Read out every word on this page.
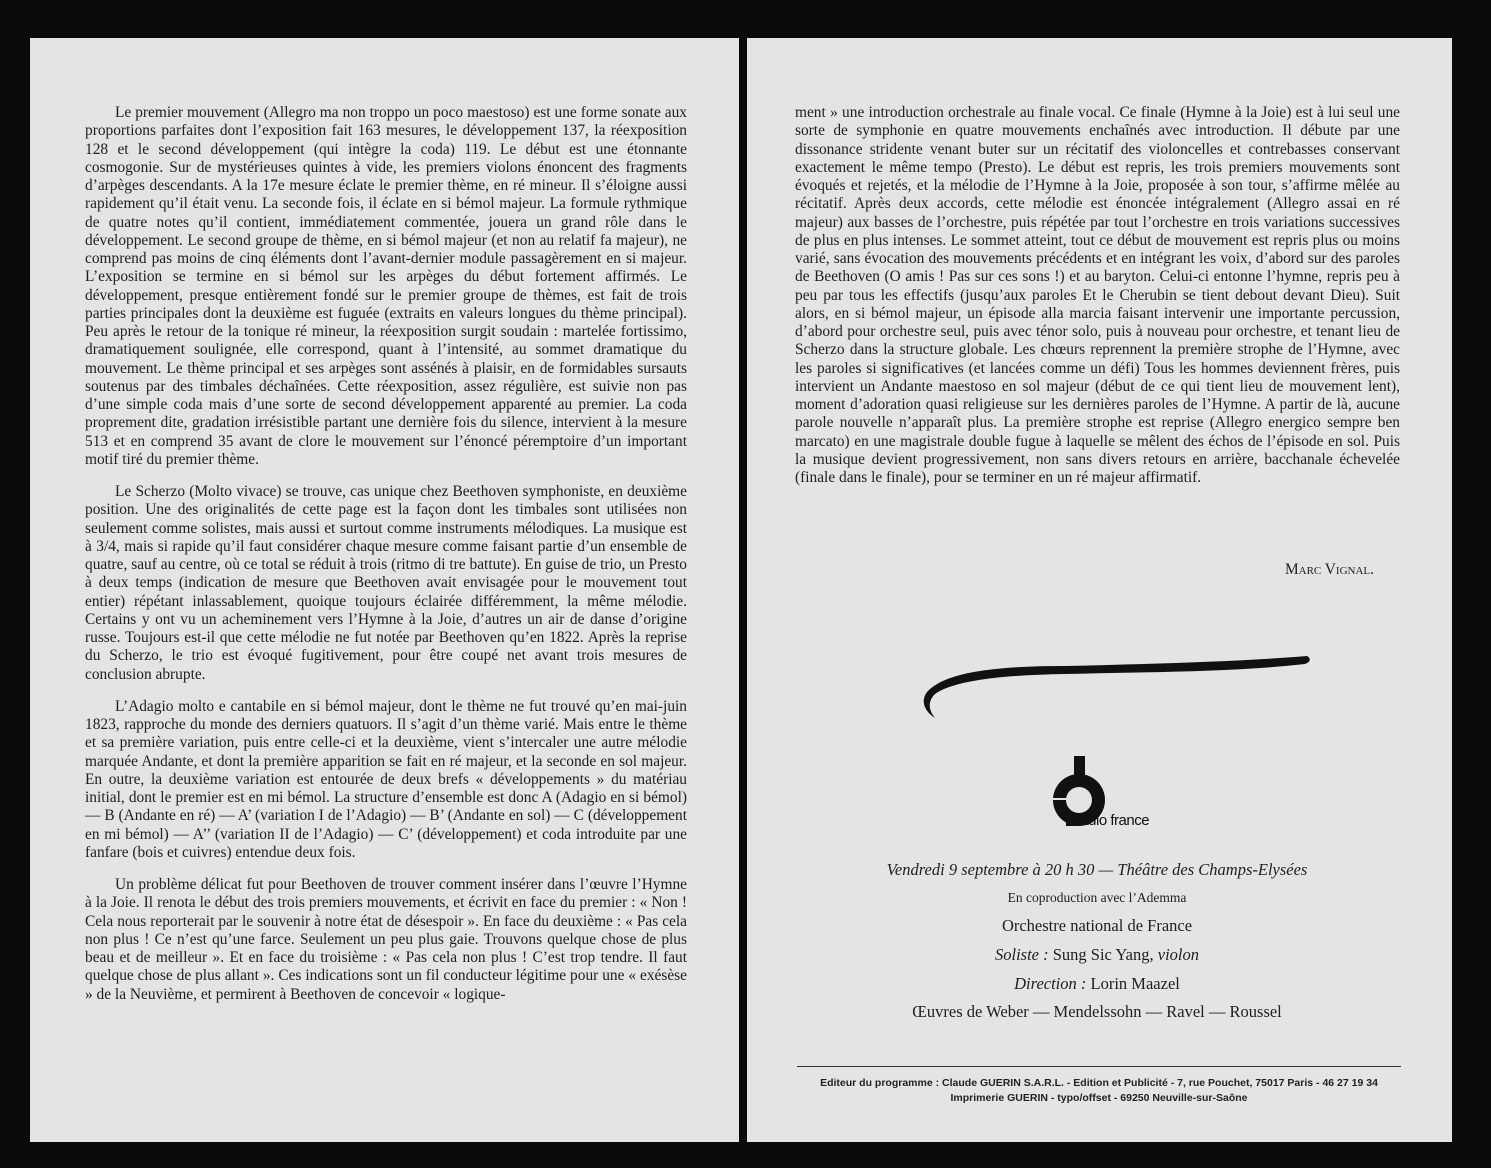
Le premier mouvement (Allegro ma non troppo un poco maestoso) est une forme sonate aux proportions parfaites dont l’exposition fait 163 mesures, le développement 137, la réexposition 128 et le second développement (qui intègre la coda) 119. Le début est une étonnante cosmogonie. Sur de mystérieuses quintes à vide, les premiers violons énoncent des fragments d’arpèges descendants. A la 17e mesure éclate le premier thème, en ré mineur. Il s’éloigne aussi rapidement qu’il était venu. La seconde fois, il éclate en si bémol majeur. La formule rythmique de quatre notes qu’il contient, immédiatement commentée, jouera un grand rôle dans le développement. Le second groupe de thème, en si bémol majeur (et non au relatif fa majeur), ne comprend pas moins de cinq éléments dont l’avant-dernier module passagèrement en si majeur. L’exposition se termine en si bémol sur les arpèges du début fortement affirmés. Le développement, presque entièrement fondé sur le premier groupe de thèmes, est fait de trois parties principales dont la deuxième est fuguée (extraits en valeurs longues du thème principal). Peu après le retour de la tonique ré mineur, la réexposition surgit soudain : martelée fortissimo, dramatiquement soulignée, elle correspond, quant à l’intensité, au sommet dramatique du mouvement. Le thème principal et ses arpèges sont assénés à plaisir, en de formidables sursauts soutenus par des timbales déchaînées. Cette réexposition, assez régulière, est suivie non pas d’une simple coda mais d’une sorte de second développement apparenté au premier. La coda proprement dite, gradation irrésistible partant une dernière fois du silence, intervient à la mesure 513 et en comprend 35 avant de clore le mouvement sur l’énoncé péremptoire d’un important motif tiré du premier thème.

Le Scherzo (Molto vivace) se trouve, cas unique chez Beethoven symphoniste, en deuxième position. Une des originalités de cette page est la façon dont les timbales sont utilisées non seulement comme solistes, mais aussi et surtout comme instruments mélodiques. La musique est à 3/4, mais si rapide qu’il faut considérer chaque mesure comme faisant partie d’un ensemble de quatre, sauf au centre, où ce total se réduit à trois (ritmo di tre battute). En guise de trio, un Presto à deux temps (indication de mesure que Beethoven avait envisagée pour le mouvement tout entier) répétant inlassablement, quoique toujours éclairée différemment, la même mélodie. Certains y ont vu un acheminement vers l’Hymne à la Joie, d’autres un air de danse d’origine russe. Toujours est-il que cette mélodie ne fut notée par Beethoven qu’en 1822. Après la reprise du Scherzo, le trio est évoqué fugitivement, pour être coupé net avant trois mesures de conclusion abrupte.

L’Adagio molto e cantabile en si bémol majeur, dont le thème ne fut trouvé qu’en mai-juin 1823, rapproche du monde des derniers quatuors. Il s’agit d’un thème varié. Mais entre le thème et sa première variation, puis entre celle-ci et la deuxième, vient s’intercaler une autre mélodie marquée Andante, et dont la première apparition se fait en ré majeur, et la seconde en sol majeur. En outre, la deuxième variation est entourée de deux brefs « développements » du matériau initial, dont le premier est en mi bémol. La structure d’ensemble est donc A (Adagio en si bémol) — B (Andante en ré) — A’ (variation I de l’Adagio) — B’ (Andante en sol) — C (développement en mi bémol) — A’’ (variation II de l’Adagio) — C’ (développement) et coda introduite par une fanfare (bois et cuivres) entendue deux fois.

Un problème délicat fut pour Beethoven de trouver comment insérer dans l’œuvre l’Hymne à la Joie. Il renota le début des trois premiers mouvements, et écrivit en face du premier : « Non ! Cela nous reporterait par le souvenir à notre état de désespoir ». En face du deuxième : « Pas cela non plus ! Ce n’est qu’une farce. Seulement un peu plus gaie. Trouvons quelque chose de plus beau et de meilleur ». Et en face du troisième : « Pas cela non plus ! C’est trop tendre. Il faut quelque chose de plus allant ». Ces indications sont un fil conducteur légitime pour une « exésèse » de la Neuvième, et permirent à Beethoven de concevoir « logique-

ment » une introduction orchestrale au finale vocal. Ce finale (Hymne à la Joie) est à lui seul une sorte de symphonie en quatre mouvements enchaînés avec introduction. Il débute par une dissonance stridente venant buter sur un récitatif des violoncelles et contrebasses conservant exactement le même tempo (Presto). Le début est repris, les trois premiers mouvements sont évoqués et rejetés, et la mélodie de l’Hymne à la Joie, proposée à son tour, s’affirme mêlée au récitatif. Après deux accords, cette mélodie est énoncée intégralement (Allegro assai en ré majeur) aux basses de l’orchestre, puis répétée par tout l’orchestre en trois variations successives de plus en plus intenses. Le sommet atteint, tout ce début de mouvement est repris plus ou moins varié, sans évocation des mouvements précédents et en intégrant les voix, d’abord sur des paroles de Beethoven (O amis ! Pas sur ces sons !) et au baryton. Celui-ci entonne l’hymne, repris peu à peu par tous les effectifs (jusqu’aux paroles Et le Cherubin se tient debout devant Dieu). Suit alors, en si bémol majeur, un épisode alla marcia faisant intervenir une importante percussion, d’abord pour orchestre seul, puis avec ténor solo, puis à nouveau pour orchestre, et tenant lieu de Scherzo dans la structure globale. Les chœurs reprennent la première strophe de l’Hymne, avec les paroles si significatives (et lancées comme un défi) Tous les hommes deviennent frères, puis intervient un Andante maestoso en sol majeur (début de ce qui tient lieu de mouvement lent), moment d’adoration quasi religieuse sur les dernières paroles de l’Hymne. A partir de là, aucune parole nouvelle n’apparaît plus. La première strophe est reprise (Allegro energico sempre ben marcato) en une magistrale double fugue à laquelle se mêlent des échos de l’épisode en sol. Puis la musique devient progressivement, non sans divers retours en arrière, bacchanale échevelée (finale dans le finale), pour se terminer en un ré majeur affirmatif.

Marc Vignal.
Radio france
Vendredi 9 septembre à 20 h 30 — Théâtre des Champs-Elysées
En coproduction avec l’Ademma
Orchestre national de France
Soliste : Sung Sic Yang, violon
Direction : Lorin Maazel
Œuvres de Weber — Mendelssohn — Ravel — Roussel
Editeur du programme : Claude GUERIN S.A.R.L. - Edition et Publicité - 7, rue Pouchet, 75017 Paris - 46 27 19 34
Imprimerie GUERIN - typo/offset - 69250 Neuville-sur-Saône
